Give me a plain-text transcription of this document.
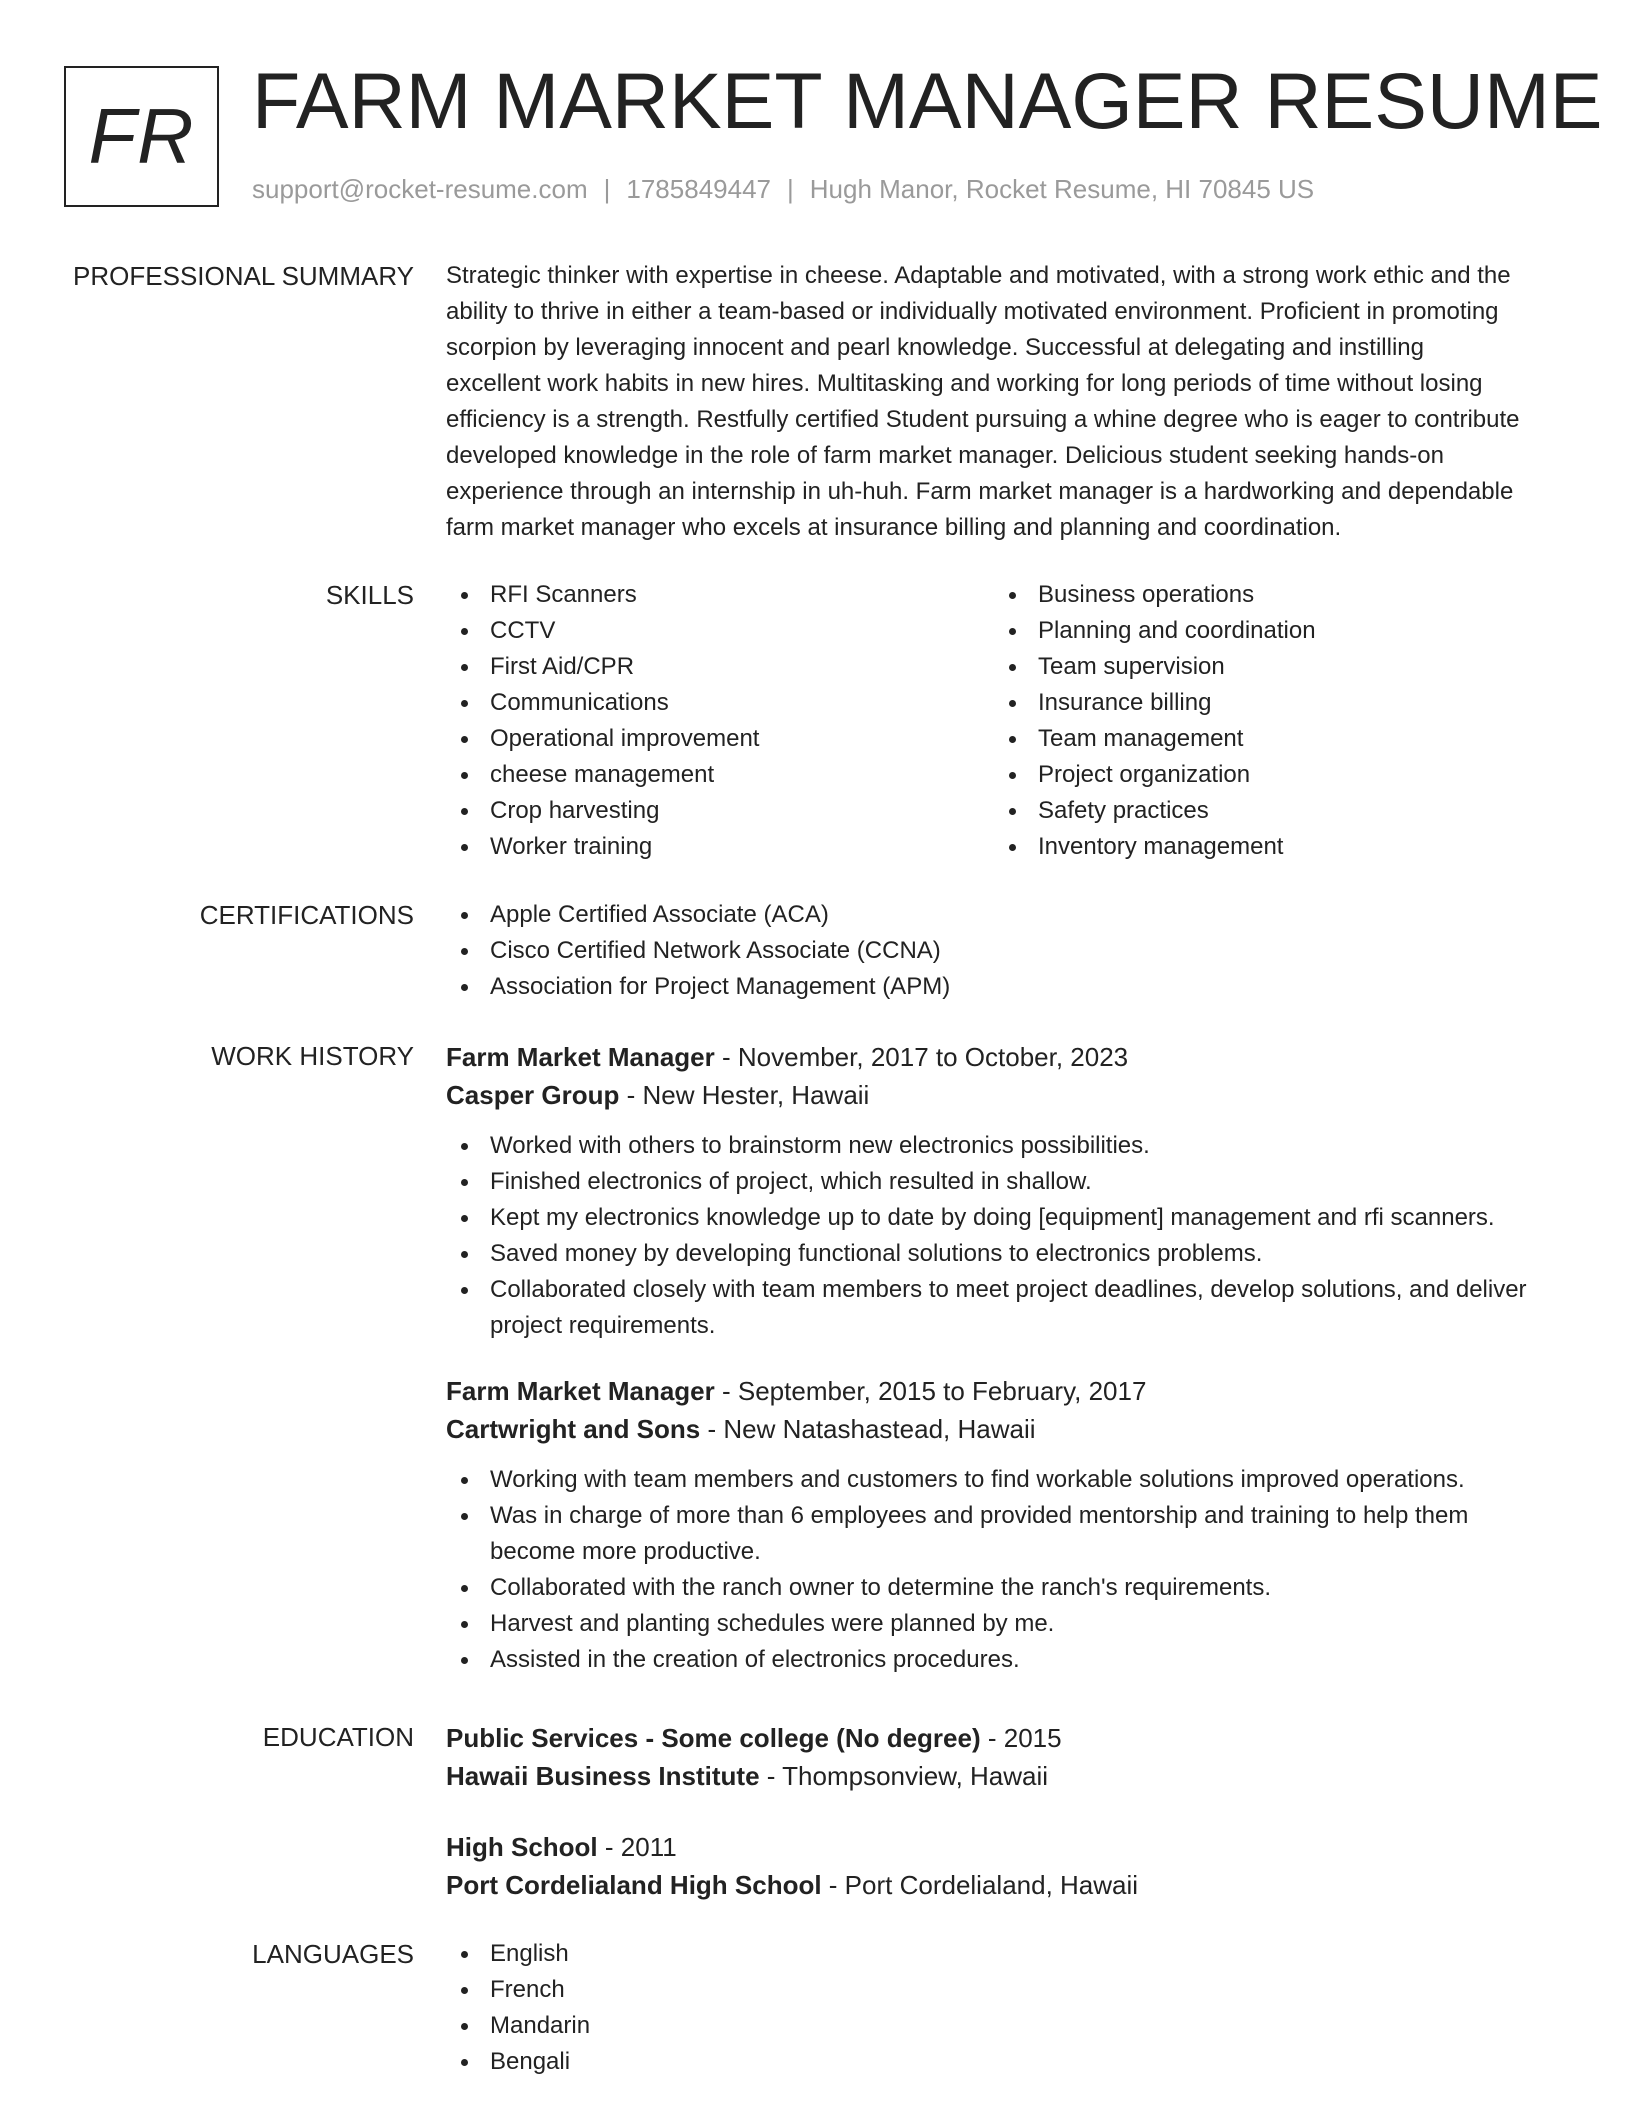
FR FARM MARKET MANAGER RESUME
support@rocket-resume.com | 1785849447 | Hugh Manor, Rocket Resume, HI 70845 US
PROFESSIONAL SUMMARY Strategic thinker with expertise in cheese. Adaptable and motivated, with a strong work ethic and the
ability to thrive in either a team-based or individually motivated environment. Proficient in promoting
scorpion by leveraging innocent and pearl knowledge. Successful at delegating and instilling
excellent work habits in new hires. Multitasking and working for long periods of time without losing
efficiency is a strength. Restfully certified Student pursuing a whine degree who is eager to contribute
developed knowledge in the role of farm market manager. Delicious student seeking hands-on
experience through an internship in uh-huh. Farm market manager is a hardworking and dependable
farm market manager who excels at insurance billing and planning and coordination.
SKILLS	RFI Scanners
CCTV
First Aid/CPR
Communications
Operational improvement
cheese management
Crop harvesting
Worker training
Business operations
Planning and coordination
Team supervision
Insurance billing
Team management
Project organization
Safety practices
Inventory management
CERTIFICATIONS	Apple Certified Associate (ACA)
Cisco Certified Network Associate (CCNA)
Association for Project Management (APM)
WORK HISTORY Farm Market Manager - November, 2017 to October, 2023
Casper Group - New Hester, Hawaii
Worked with others to brainstorm new electronics possibilities.
Finished electronics of project, which resulted in shallow.
Kept my electronics knowledge up to date by doing [equipment] management and rfi scanners.
Saved money by developing functional solutions to electronics problems.
Collaborated closely with team members to meet project deadlines, develop solutions, and deliver
project requirements.
Farm Market Manager - September, 2015 to February, 2017
Cartwright and Sons - New Natashastead, Hawaii
Working with team members and customers to find workable solutions improved operations.
Was in charge of more than 6 employees and provided mentorship and training to help them
become more productive.
Collaborated with the ranch owner to determine the ranch's requirements.
Harvest and planting schedules were planned by me.
Assisted in the creation of electronics procedures.
EDUCATION Public Services - Some college (No degree) - 2015
Hawaii Business Institute - Thompsonview, Hawaii
High School - 2011
Port Cordelialand High School - Port Cordelialand, Hawaii
LANGUAGES	English
French
Mandarin
Bengali
